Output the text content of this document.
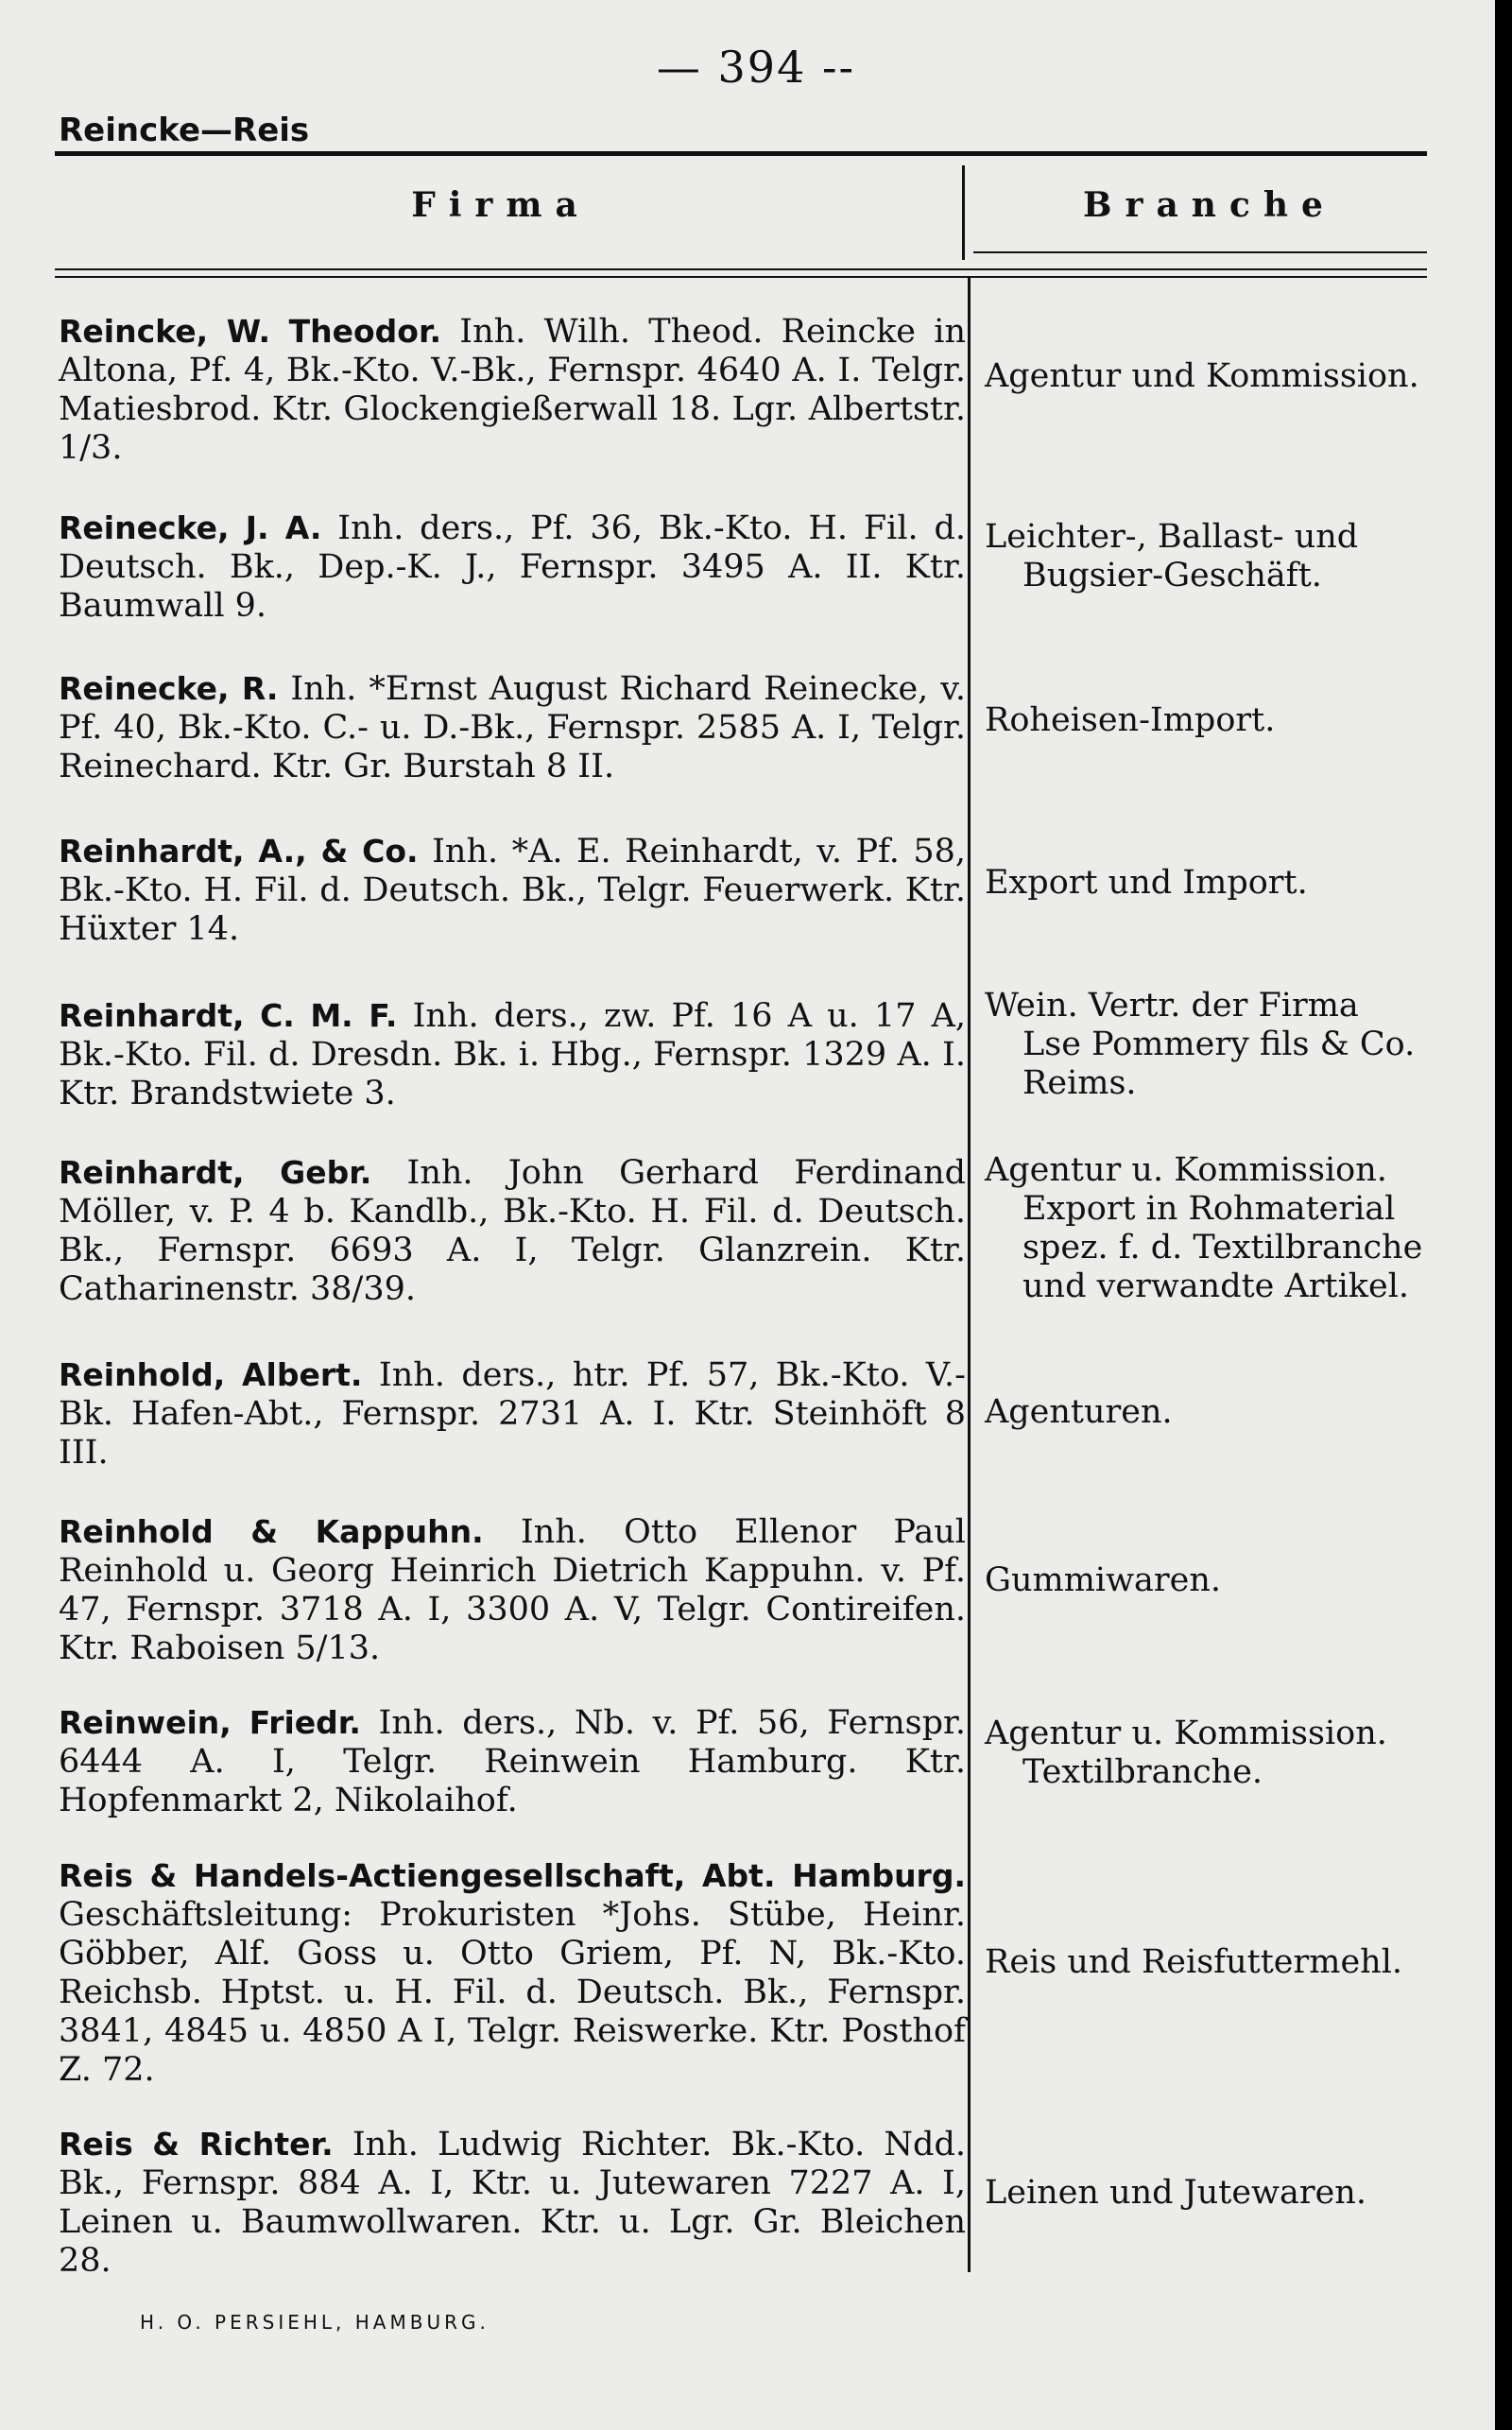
— 394 --
Reincke—Reis
Firma	Branche
Reincke, W. Theodor. Inh. Wilh. Theod. Reincke in Altona, Pf. 4, Bk.-Kto. V.-Bk., Fernspr. 4640 A. I. Telgr. Matiesbrod. Ktr. Glockengießerwall 18. Lgr. Albertstr. 1/3.
Agentur und Kommission.
Reinecke, J. A. Inh. ders., Pf. 36, Bk.-Kto. H. Fil. d. Deutsch. Bk., Dep.-K. J., Fernspr. 3495 A. II. Ktr. Baumwall 9.
Leichter-, Ballast- und
Bugsier-Geschäft.
Reinecke, R. Inh. *Ernst August Richard Reinecke, v. Pf. 40, Bk.-Kto. C.- u. D.-Bk., Fernspr. 2585 A. I, Telgr. Reinechard. Ktr. Gr. Burstah 8 II.
Roheisen-Import.
Reinhardt, A., & Co. Inh. *A. E. Reinhardt, v. Pf. 58, Bk.-Kto. H. Fil. d. Deutsch. Bk., Telgr. Feuerwerk. Ktr. Hüxter 14.
Export und Import.
Reinhardt, C. M. F. Inh. ders., zw. Pf. 16 A u. 17 A, Bk.-Kto. Fil. d. Dresdn. Bk. i. Hbg., Fernspr. 1329 A. I. Ktr. Brandstwiete 3.
Wein. Vertr. der Firma
Lse Pommery fils & Co.
Reims.
Reinhardt, Gebr. Inh. John Gerhard Ferdinand Möller, v. P. 4 b. Kandlb., Bk.-Kto. H. Fil. d. Deutsch. Bk., Fernspr. 6693 A. I, Telgr. Glanzrein. Ktr. Catharinenstr. 38/39.
Agentur u. Kommission.
Export in Rohmaterial
spez. f. d. Textilbranche
und verwandte Artikel.
Reinhold, Albert. Inh. ders., htr. Pf. 57, Bk.-Kto. V.-Bk. Hafen-Abt., Fernspr. 2731 A. I. Ktr. Steinhöft 8 III.
Agenturen.
Reinhold & Kappuhn. Inh. Otto Ellenor Paul Reinhold u. Georg Heinrich Dietrich Kappuhn. v. Pf. 47, Fernspr. 3718 A. I, 3300 A. V, Telgr. Contireifen. Ktr. Raboisen 5/13.
Gummiwaren.
Reinwein, Friedr. Inh. ders., Nb. v. Pf. 56, Fernspr. 6444 A. I, Telgr. Reinwein Hamburg. Ktr. Hopfenmarkt 2, Nikolaihof.
Agentur u. Kommission.
Textilbranche.
Reis & Handels-Actiengesellschaft, Abt. Hamburg. Geschäftsleitung: Prokuristen *Johs. Stübe, Heinr. Göbber, Alf. Goss u. Otto Griem, Pf. N, Bk.-Kto. Reichsb. Hptst. u. H. Fil. d. Deutsch. Bk., Fernspr. 3841, 4845 u. 4850 A I, Telgr. Reiswerke. Ktr. Posthof Z. 72.
Reis und Reisfuttermehl.
Reis & Richter. Inh. Ludwig Richter. Bk.-Kto. Ndd. Bk., Fernspr. 884 A. I, Ktr. u. Jutewaren 7227 A. I, Leinen u. Baumwollwaren. Ktr. u. Lgr. Gr. Bleichen 28.
Leinen und Jutewaren.
H. O. PERSIEHL, HAMBURG.
